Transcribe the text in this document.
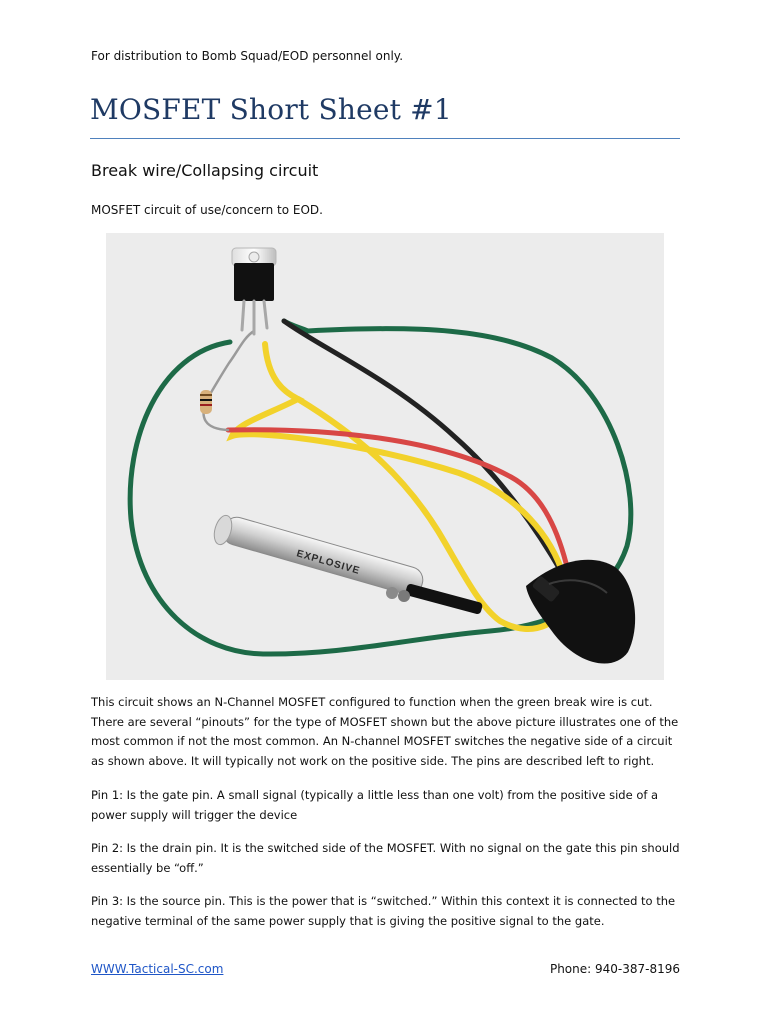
For distribution to Bomb Squad/EOD personnel only.
MOSFET Short Sheet #1
Break wire/Collapsing circuit
MOSFET circuit of use/concern to EOD.
EXPLOSIVE

This circuit shows an N-Channel MOSFET configured to function when the green break wire is cut. There are several “pinouts” for the type of MOSFET shown but the above picture illustrates one of the most common if not the most common. An N-channel MOSFET switches the negative side of a circuit as shown above. It will typically not work on the positive side. The pins are described left to right.

Pin 1: Is the gate pin. A small signal (typically a little less than one volt) from the positive side of a power supply will trigger the device

Pin 2: Is the drain pin. It is the switched side of the MOSFET. With no signal on the gate this pin should essentially be “off.”

Pin 3: Is the source pin. This is the power that is “switched.” Within this context it is connected to the negative terminal of the same power supply that is giving the positive signal to the gate.

WWW.Tactical-SC.com	Phone: 940-387-8196
